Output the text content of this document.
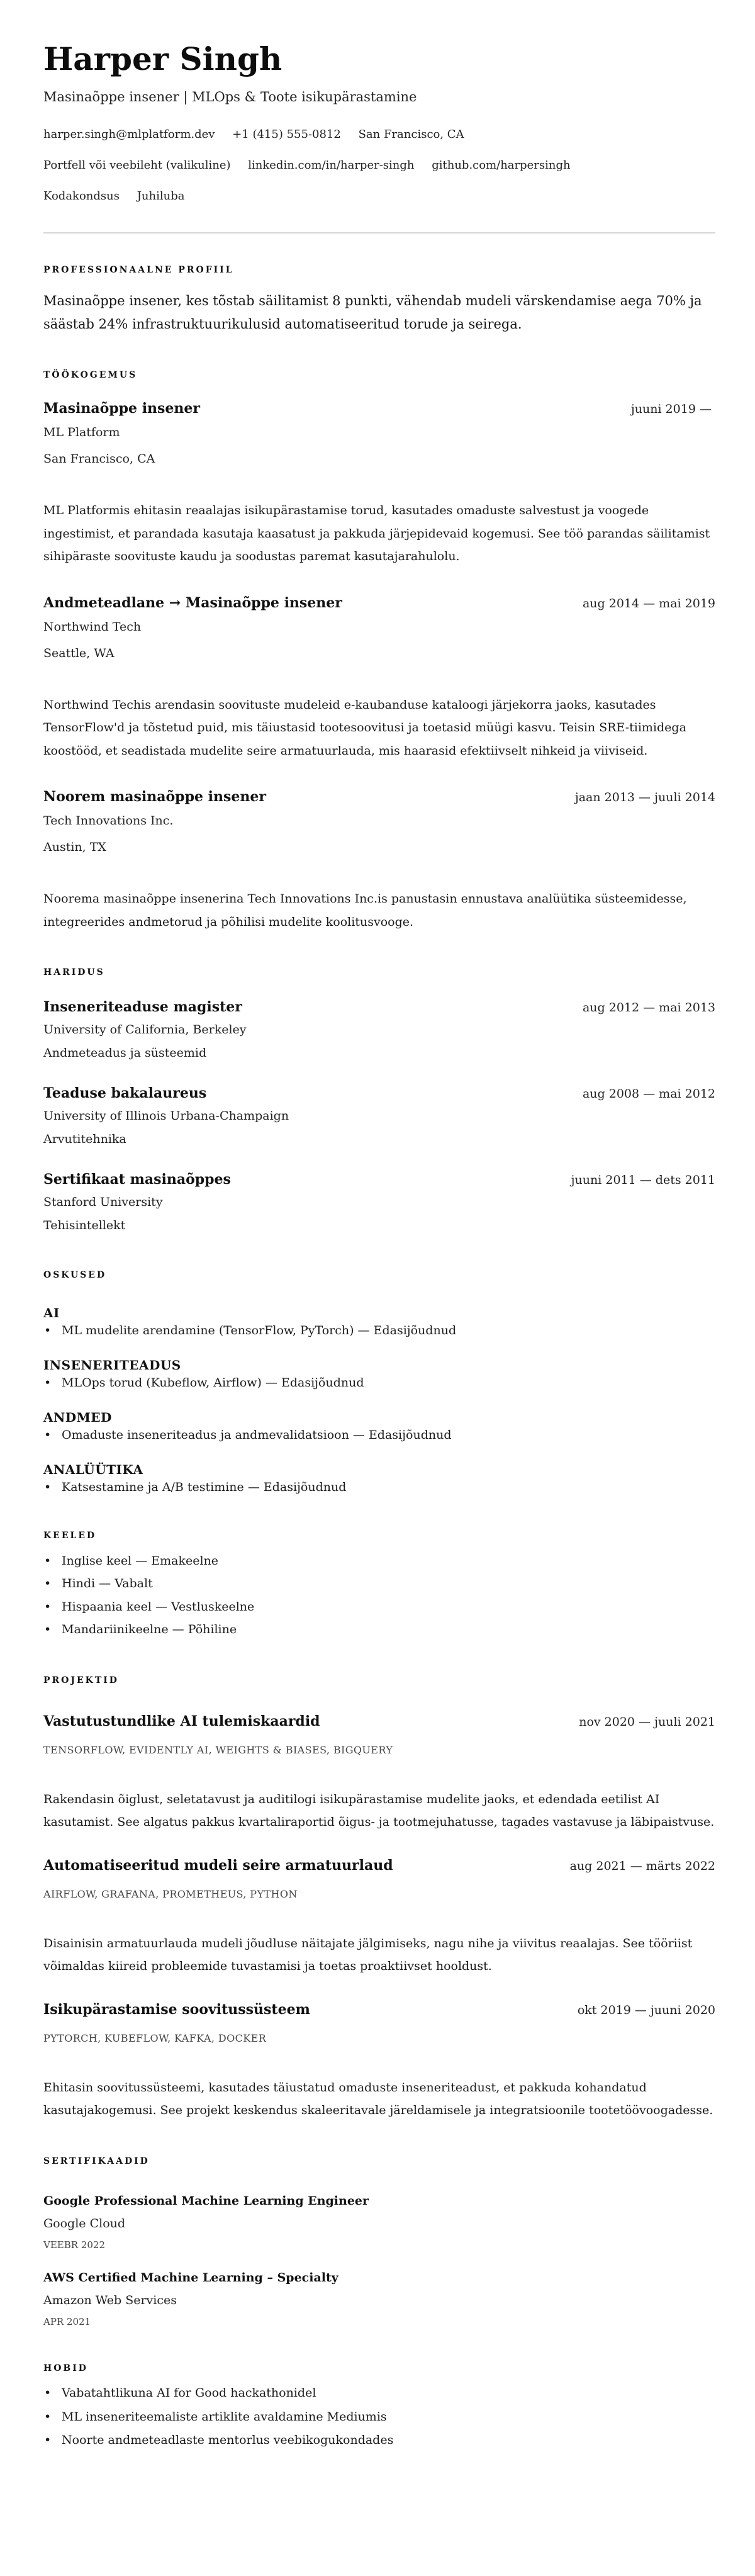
Harper Singh
Masinaõppe insener | MLOps & Toote isikupärastamine
harper.singh@mlplatform.dev +1 (415) 555-0812 San Francisco, CA
Portfell või veebileht (valikuline) linkedin.com/in/harper-singh github.com/harpersingh
Kodakondsus Juhiluba
PROFESSIONAALNE PROFIIL

Masinaõppe insener, kes tõstab säilitamist 8 punkti, vähendab mudeli värskendamise aega 70% ja säästab 24% infrastruktuurikulusid automatiseeritud torude ja seirega.

TÖÖKOGEMUS
Masinaõppe insener	juuni 2019 —
ML Platform
San Francisco, CA
ML Platformis ehitasin reaalajas isikupärastamise torud, kasutades omaduste salvestust ja voogede ingestimist, et parandada kasutaja kaasatust ja pakkuda järjepidevaid kogemusi. See töö parandas säilitamist sihipäraste soovituste kaudu ja soodustas paremat kasutajarahulolu.
Andmeteadlane → Masinaõppe insener	aug 2014 — mai 2019
Northwind Tech
Seattle, WA
Northwind Techis arendasin soovituste mudeleid e-kaubanduse kataloogi järjekorra jaoks, kasutades TensorFlow'd ja tõstetud puid, mis täiustasid tootesoovitusi ja toetasid müügi kasvu. Teisin SRE-tiimidega koostööd, et seadistada mudelite seire armatuurlauda, mis haarasid efektiivselt nihkeid ja viiviseid.
Noorem masinaõppe insener	jaan 2013 — juuli 2014
Tech Innovations Inc.
Austin, TX
Noorema masinaõppe insenerina Tech Innovations Inc.is panustasin ennustava analüütika süsteemidesse, integreerides andmetorud ja põhilisi mudelite koolitusvooge.
HARIDUS
Inseneriteaduse magister	aug 2012 — mai 2013
University of California, Berkeley
Andmeteadus ja süsteemid
Teaduse bakalaureus	aug 2008 — mai 2012
University of Illinois Urbana-Champaign
Arvutitehnika
Sertifikaat masinaõppes	juuni 2011 — dets 2011
Stanford University
Tehisintellekt
OSKUSED
AI
• ML mudelite arendamine (TensorFlow, PyTorch) — Edasijõudnud
INSENERITEADUS
• MLOps torud (Kubeflow, Airflow) — Edasijõudnud
ANDMED
• Omaduste inseneriteadus ja andmevalidatsioon — Edasijõudnud
ANALÜÜTIKA
• Katsestamine ja A/B testimine — Edasijõudnud
KEELED
• Inglise keel — Emakeelne
• Hindi — Vabalt
• Hispaania keel — Vestluskeelne
• Mandariinikeelne — Põhiline
PROJEKTID
Vastutustundlike AI tulemiskaardid	nov 2020 — juuli 2021
TENSORFLOW, EVIDENTLY AI, WEIGHTS & BIASES, BIGQUERY
Rakendasin õiglust, seletatavust ja auditilogi isikupärastamise mudelite jaoks, et edendada eetilist AI kasutamist. See algatus pakkus kvartaliraportid õigus- ja tootmejuhatusse, tagades vastavuse ja läbipaistvuse.
Automatiseeritud mudeli seire armatuurlaud	aug 2021 — märts 2022
AIRFLOW, GRAFANA, PROMETHEUS, PYTHON
Disainisin armatuurlauda mudeli jõudluse näitajate jälgimiseks, nagu nihe ja viivitus reaalajas. See tööriist võimaldas kiireid probleemide tuvastamisi ja toetas proaktiivset hooldust.
Isikupärastamise soovitussüsteem	okt 2019 — juuni 2020
PYTORCH, KUBEFLOW, KAFKA, DOCKER
Ehitasin soovitussüsteemi, kasutades täiustatud omaduste inseneriteadust, et pakkuda kohandatud kasutajakogemusi. See projekt keskendus skaleeritavale järeldamisele ja integratsioonile tootetöövoogadesse.
SERTIFIKAADID
Google Professional Machine Learning Engineer
Google Cloud
VEEBR 2022
AWS Certified Machine Learning – Specialty
Amazon Web Services
APR 2021
HOBID
• Vabatahtlikuna AI for Good hackathonidel
• ML inseneriteemaliste artiklite avaldamine Mediumis
• Noorte andmeteadlaste mentorlus veebikogukondades
